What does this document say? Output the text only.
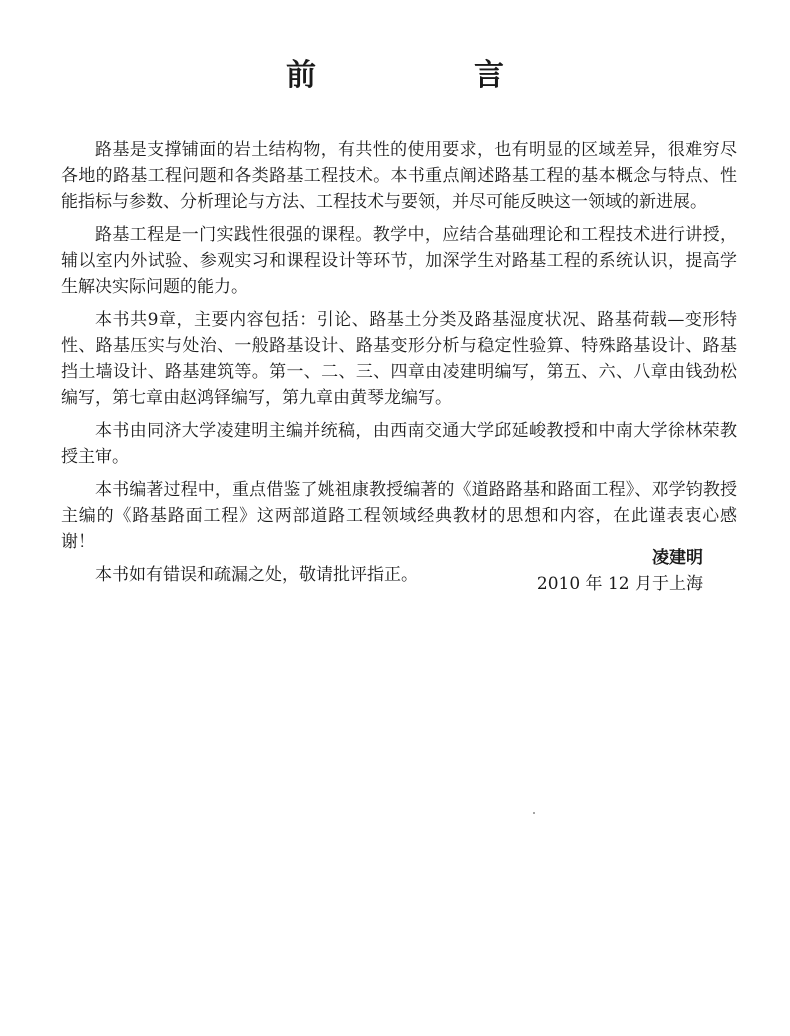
前　言

路基是支撑铺面的岩土结构物，有共性的使用要求，也有明显的区域差异，很难穷尽各地的路基工程问题和各类路基工程技术。本书重点阐述路基工程的基本概念与特点、性能指标与参数、分析理论与方法、工程技术与要领，并尽可能反映这一领域的新进展。

路基工程是一门实践性很强的课程。教学中，应结合基础理论和工程技术进行讲授，辅以室内外试验、参观实习和课程设计等环节，加深学生对路基工程的系统认识，提高学生解决实际问题的能力。

本书共9章，主要内容包括：引论、路基土分类及路基湿度状况、路基荷载—变形特性、路基压实与处治、一般路基设计、路基变形分析与稳定性验算、特殊路基设计、路基挡土墙设计、路基建筑等。第一、二、三、四章由凌建明编写，第五、六、八章由钱劲松编写，第七章由赵鸿铎编写，第九章由黄琴龙编写。

本书由同济大学凌建明主编并统稿，由西南交通大学邱延峻教授和中南大学徐林荣教授主审。

本书编著过程中，重点借鉴了姚祖康教授编著的《道路路基和路面工程》、邓学钧教授主编的《路基路面工程》这两部道路工程领域经典教材的思想和内容，在此谨表衷心感谢！

本书如有错误和疏漏之处，敬请批评指正。

凌建明
2010 年 12 月于上海
